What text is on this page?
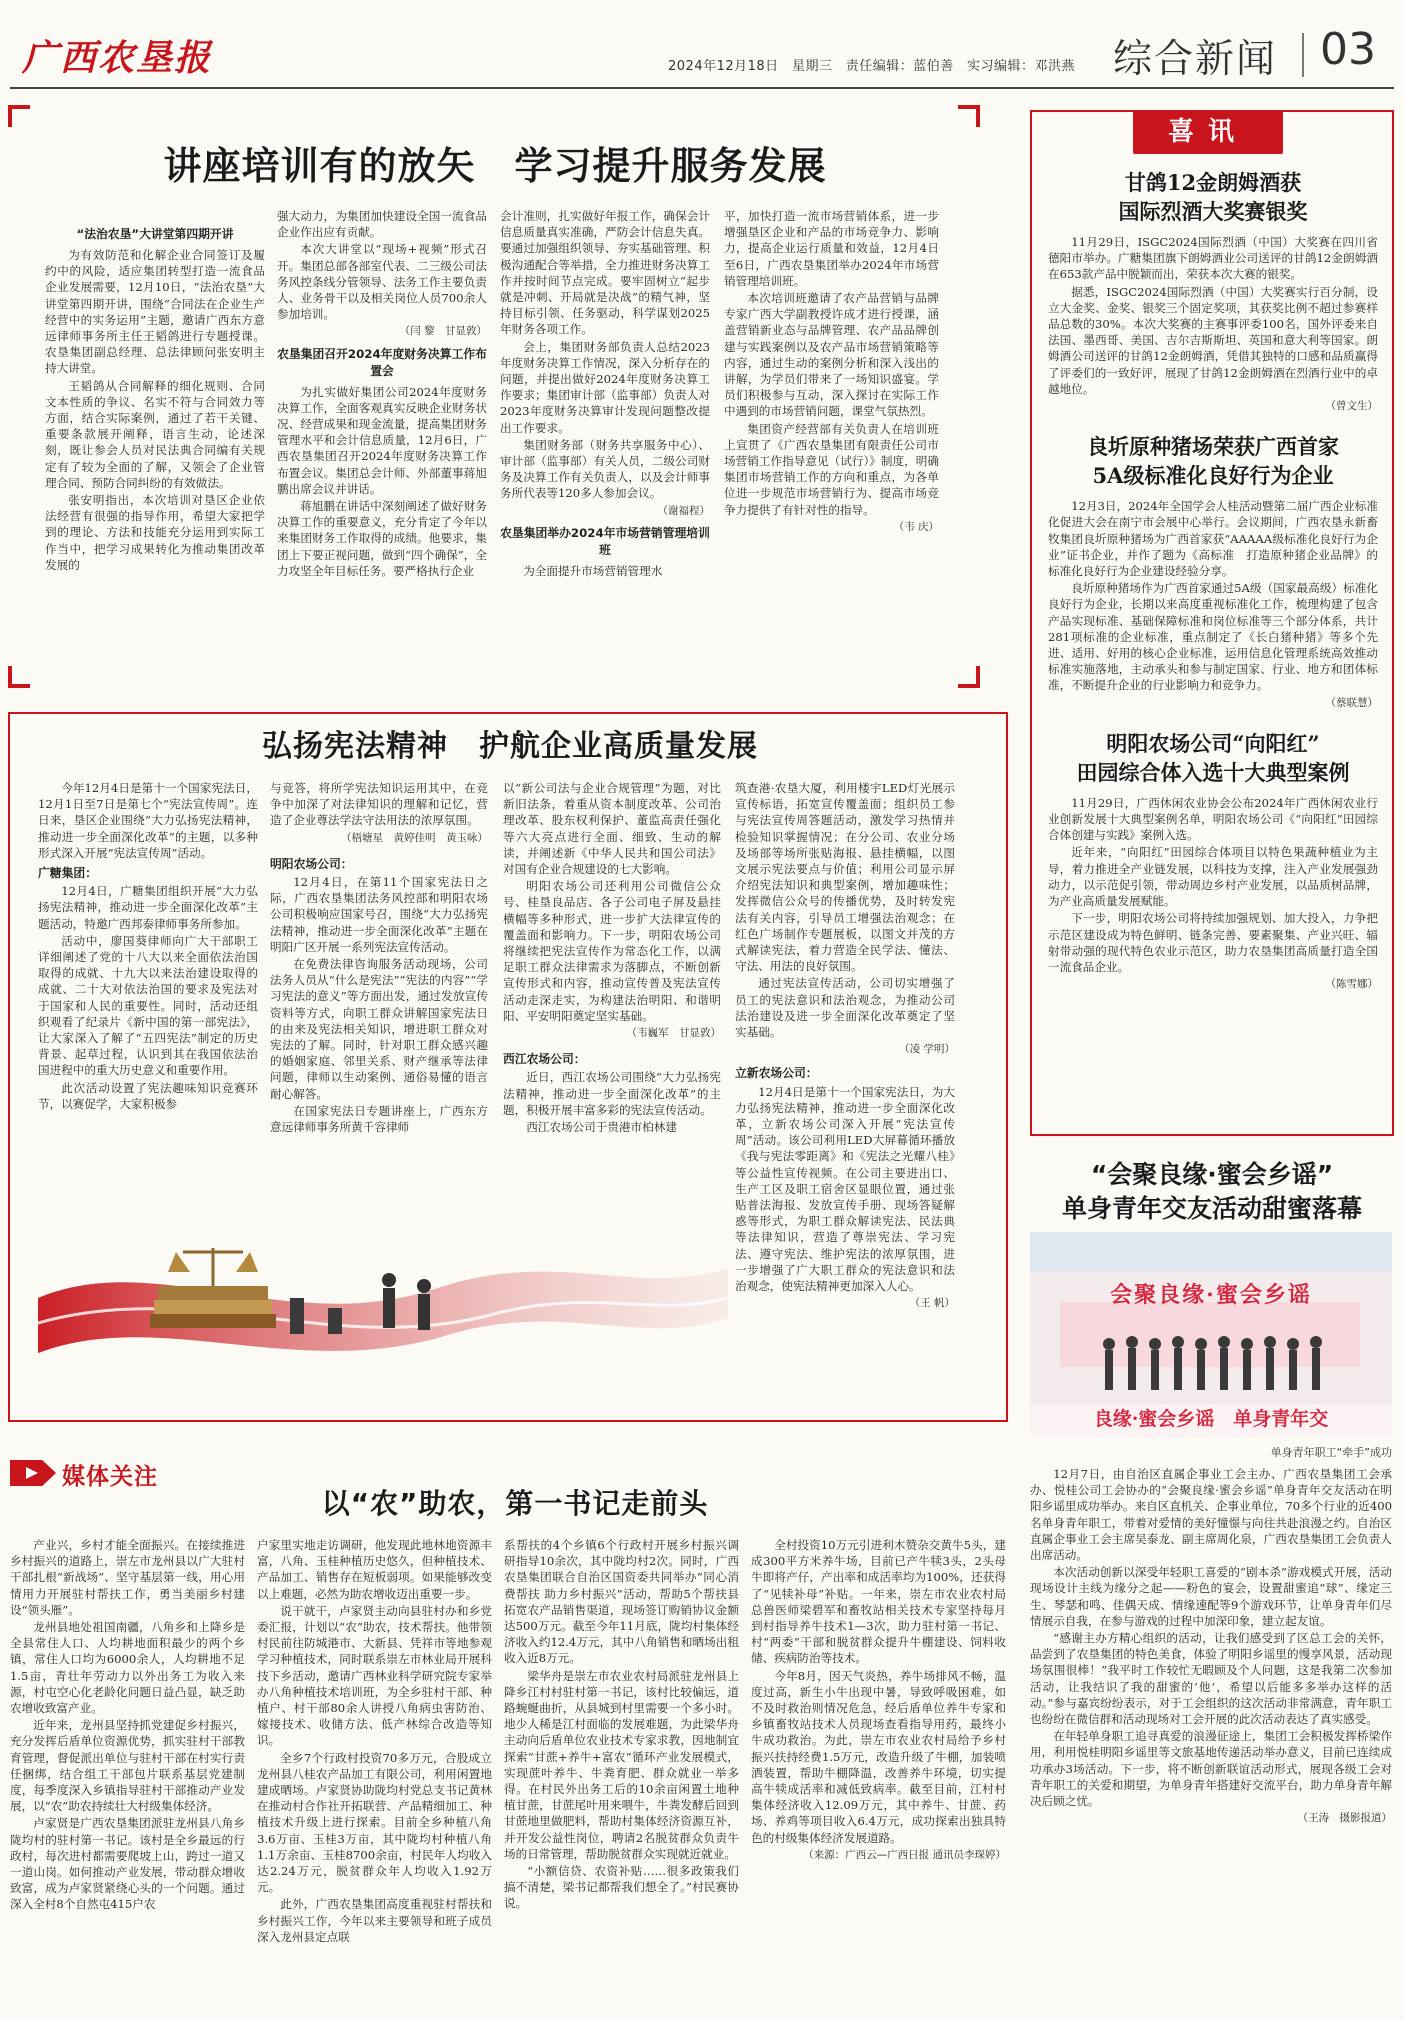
广西农垦报	2024年12月18日 星期三 责任编辑：蓝伯善 实习编辑：邓洪燕 综合新闻 03
讲座培训有的放矢　学习提升服务发展
“法治农垦”大讲堂第四期开讲

为有效防范和化解企业合同签订及履约中的风险，适应集团转型打造一流食品企业发展需要，12月10日，“法治农垦”大讲堂第四期开讲，围绕“合同法在企业生产经营中的实务运用”主题，邀请广西东方意远律师事务所主任王韬鸽进行专题授课。农垦集团副总经理、总法律顾问张安明主持大讲堂。

王韬鸽从合同解释的细化规则、合同文本性质的争议、名实不符与合同效力等方面，结合实际案例，通过了若干关键、重要条款展开阐释，语言生动，论述深刻，既让参会人员对民法典合同编有关规定有了较为全面的了解，又领会了企业管理合同、预防合同纠纷的有效做法。

张安明指出，本次培训对垦区企业依法经营有很强的指导作用，希望大家把学到的理论、方法和技能充分运用到实际工作当中，把学习成果转化为推动集团改革发展的

强大动力，为集团加快建设全国一流食品企业作出应有贡献。

本次大讲堂以“现场+视频”形式召开。集团总部各部室代表、二三级公司法务风控条线分管领导、法务工作主要负责人、业务骨干以及相关岗位人员700余人参加培训。

（闫 黎　甘显敦）
农垦集团召开2024年度财务决算工作布置会

为扎实做好集团公司2024年度财务决算工作，全面客观真实反映企业财务状况、经营成果和现金流量，提高集团财务管理水平和会计信息质量，12月6日，广西农垦集团召开2024年度财务决算工作布置会议。集团总会计师、外部董事蒋旭鹏出席会议并讲话。

蒋旭鹏在讲话中深刻阐述了做好财务决算工作的重要意义，充分肯定了今年以来集团财务工作取得的成绩。他要求，集团上下要正视问题，做到“四个确保”，全力攻坚全年目标任务。要严格执行企业

会计准则，扎实做好年报工作，确保会计信息质量真实准确，严防会计信息失真。要通过加强组织领导、夯实基础管理、积极沟通配合等举措，全力推进财务决算工作并按时间节点完成。要牢固树立“起步就是冲刺、开局就是决战”的精气神，坚持目标引领、任务驱动，科学谋划2025年财务各项工作。

会上，集团财务部负责人总结2023年度财务决算工作情况，深入分析存在的问题，并提出做好2024年度财务决算工作要求；集团审计部（监事部）负责人对2023年度财务决算审计发现问题整改提出工作要求。

集团财务部（财务共享服务中心）、审计部（监事部）有关人员，二级公司财务及决算工作有关负责人，以及会计师事务所代表等120多人参加会议。

（谢福程）
农垦集团举办2024年市场营销管理培训班

为全面提升市场营销管理水

平，加快打造一流市场营销体系，进一步增强垦区企业和产品的市场竞争力、影响力，提高企业运行质量和效益，12月4日至6日，广西农垦集团举办2024年市场营销管理培训班。

本次培训班邀请了农产品营销与品牌专家广西大学副教授许成才进行授课，涵盖营销新业态与品牌管理、农产品品牌创建与实践案例以及农产品市场营销策略等内容，通过生动的案例分析和深入浅出的讲解，为学员们带来了一场知识盛宴。学员们积极参与互动，深入探讨在实际工作中遇到的市场营销问题，课堂气氛热烈。

集团资产经营部有关负责人在培训班上宣贯了《广西农垦集团有限责任公司市场营销工作指导意见（试行）》制度，明确集团市场营销工作的方向和重点，为各单位进一步规范市场营销行为、提高市场竞争力提供了有针对性的指导。

（韦 庆）
喜讯
甘鸽12金朗姆酒获
国际烈酒大奖赛银奖

11月29日，ISGC2024国际烈酒（中国）大奖赛在四川省德阳市举办。广糖集团旗下朗姆酒业公司送评的甘鸽12金朗姆酒在653款产品中脱颖而出，荣获本次大赛的银奖。

据悉，ISGC2024国际烈酒（中国）大奖赛实行百分制，设立大金奖、金奖、银奖三个固定奖项，其获奖比例不超过参赛样品总数的30%。本次大奖赛的主赛事评委100名，国外评委来自法国、墨西哥、美国、吉尔吉斯斯坦、英国和意大利等国家。朗姆酒公司送评的甘鸽12金朗姆酒，凭借其独特的口感和品质赢得了评委们的一致好评，展现了甘鸽12金朗姆酒在烈酒行业中的卓越地位。

（曾文生）
良圻原种猪场荣获广西首家
5A级标准化良好行为企业

12月3日，2024年全国学会人桂活动暨第二届广西企业标准化促进大会在南宁市会展中心举行。会议期间，广西农垦永新畜牧集团良圻原种猪场为广西首家获“AAAAA级标准化良好行为企业”证书企业，并作了题为《高标准　打造原种猪企业品牌》的标准化良好行为企业建设经验分享。

良圻原种猪场作为广西首家通过5A级（国家最高级）标准化良好行为企业，长期以来高度重视标准化工作，梳理构建了包含产品实现标准、基础保障标准和岗位标准等三个部分体系，共计281项标准的企业标准，重点制定了《长白猪种猪》等多个先进、适用、好用的核心企业标准，运用信息化管理系统高效推动标准实施落地，主动承头和参与制定国家、行业、地方和团体标准，不断提升企业的行业影响力和竞争力。

（蔡联慧）
明阳农场公司“向阳红”
田园综合体入选十大典型案例

11月29日，广西休闲农业协会公布2024年广西休闲农业行业创新发展十大典型案例名单，明阳农场公司《“向阳红”田园综合体创建与实践》案例入选。

近年来，“向阳红”田园综合体项目以特色果蔬种植业为主导，着力推进全产业链发展，以科技为支撑，注入产业发展强劲动力，以示范促引领，带动周边乡村产业发展，以品质树品牌，为产业高质量发展赋能。

下一步，明阳农场公司将持续加强规划、加大投入，力争把示范区建设成为特色鲜明、链条完善、要素聚集、产业兴旺、辐射带动强的现代特色农业示范区，助力农垦集团高质量打造全国一流食品企业。

（陈雪娜）
弘扬宪法精神　护航企业高质量发展

今年12月4日是第十一个国家宪法日，12月1日至7日是第七个“宪法宣传周”。连日来，垦区企业围绕“大力弘扬宪法精神，推动进一步全面深化改革”的主题，以多种形式深入开展“宪法宣传周”活动。

广糖集团：

12月4日，广糖集团组织开展“大力弘扬宪法精神，推动进一步全面深化改革”主题活动，特邀广西邦泰律师事务所参加。

活动中，廖国葵律师向广大干部职工详细阐述了党的十八大以来全面依法治国取得的成就、十九大以来法治建设取得的成就、二十大对依法治国的要求及宪法对于国家和人民的重要性。同时，活动还组织观看了纪录片《新中国的第一部宪法》，让大家深入了解了“五四宪法”制定的历史背景、起草过程，认识到其在我国依法治国进程中的重大历史意义和重要作用。

此次活动设置了宪法趣味知识竞赛环节，以赛促学，大家积极参

与竞答，将所学宪法知识运用其中，在竞争中加深了对法律知识的理解和记忆，营造了企业尊法学法守法用法的浓厚氛围。

（梧塘星　黄婷佳明　黄玉咏）
明阳农场公司：

12月4日，在第11个国家宪法日之际，广西农垦集团法务风控部和明阳农场公司积极响应国家号召，围绕“大力弘扬宪法精神，推动进一步全面深化改革”主题在明阳广区开展一系列宪法宣传活动。

在免费法律咨询服务活动现场，公司法务人员从“什么是宪法”“宪法的内容”“学习宪法的意义”等方面出发，通过发放宣传资料等方式，向职工群众讲解国家宪法日的由来及宪法相关知识，增进职工群众对宪法的了解。同时，针对职工群众感兴趣的婚姻家庭、邻里关系、财产继承等法律问题，律师以生动案例、通俗易懂的语言耐心解答。

在国家宪法日专题讲座上，广西东方意远律师事务所黄千容律师

以“新公司法与企业合规管理”为题，对比新旧法条，着重从资本制度改革、公司治理改革、股东权利保护、董监高责任强化等六大亮点进行全面、细致、生动的解读，并阐述新《中华人民共和国公司法》对国有企业合规建设的七大影响。

明阳农场公司还利用公司微信公众号、桂垦良品店、各子公司电子屏及悬挂横幅等多种形式，进一步扩大法律宣传的覆盖面和影响力。下一步，明阳农场公司将继续把宪法宣传作为常态化工作，以满足职工群众法律需求为落脚点，不断创新宣传形式和内容，推动宣传普及宪法宣传活动走深走实，为构建法治明阳、和谐明阳、平安明阳奠定坚实基础。

（韦巍军　甘显敦）
西江农场公司：

近日，西江农场公司围绕“大力弘扬宪法精神，推动进一步全面深化改革”的主题，积极开展丰富多彩的宪法宣传活动。

西江农场公司于贵港市柏林建

筑查港·农垦大厦，利用楼宇LED灯光展示宣传标语，拓宽宣传覆盖面；组织员工参与宪法宣传周答题活动，激发学习热情并检验知识掌握情况；在分公司、农业分场及场部等场所张贴海报、悬挂横幅，以图文展示宪法要点与价值；利用公司显示屏介绍宪法知识和典型案例，增加趣味性；发挥微信公众号的传播优势，及时转发宪法有关内容，引导员工增强法治观念；在红色广场制作专题展板，以图文并茂的方式解读宪法，着力营造全民学法、懂法、守法、用法的良好氛围。

通过宪法宣传活动，公司切实增强了员工的宪法意识和法治观念，为推动公司法治建设及进一步全面深化改革奠定了坚实基础。

（凌 学明）
立新农场公司：

12月4日是第十一个国家宪法日，为大力弘扬宪法精神，推动进一步全面深化改革，立新农场公司深入开展“宪法宣传周”活动。该公司利用LED大屏幕循环播放《我与宪法零距离》和《宪法之光耀八桂》等公益性宣传视频。在公司主要进出口、生产工区及职工宿舍区显眼位置，通过张贴普法海报、发放宣传手册、现场答疑解惑等形式，为职工群众解读宪法、民法典等法律知识，营造了尊崇宪法、学习宪法、遵守宪法、维护宪法的浓厚氛围，进一步增强了广大职工群众的宪法意识和法治观念，使宪法精神更加深入人心。

（王 帆）
“会聚良缘·蜜会乡谣”
单身青年交友活动甜蜜落幕
会聚良缘·蜜会乡谣
良缘·蜜会乡谣　单身青年交
单身青年职工“牵手”成功

12月7日，由自治区直属企事业工会主办、广西农垦集团工会承办、悦桂公司工会协办的“会聚良缘·蜜会乡谣”单身青年交友活动在明阳乡谣里成功举办。来自区直机关、企事业单位，70多个行业的近400名单身青年职工，带着对爱情的美好憧憬与向往共赴浪漫之约。自治区直属企事业工会主席吴泰龙、副主席周化泉，广西农垦集团工会负责人出席活动。

本次活动创新以深受年轻职工喜爱的“剧本杀”游戏模式开展，活动现场设计主线为缘分之起——粉色的宴会，设置甜蜜追“球”、缘定三生、琴瑟和鸣、佳偶天成、情缘速配等9个游戏环节，让单身青年们尽情展示自我，在参与游戏的过程中加深印象，建立起友谊。

“感谢主办方精心组织的活动，让我们感受到了区总工会的关怀，品尝到了农垦集团的特色美食，体验了明阳乡谣里的慢享风景，活动现场氛围很棒！”我平时工作较忙无暇顾及个人问题，这是我第二次参加活动，让我结识了我的甜蜜的‘他’，希望以后能多多举办这样的活动。”参与嘉宾纷纷表示，对于工会组织的这次活动非常满意，青年职工也纷纷在微信群和活动现场对工会开展的此次活动表达了真实感受。

在年轻单身职工追寻真爱的浪漫征途上，集团工会积极发挥桥梁作用，利用悦桂明阳乡谣里等文旅基地传递活动举办意义，目前已连续成功承办3场活动。下一步，将不断创新联谊活动形式，展现各级工会对青年职工的关爱和期望，为单身青年搭建好交流平台，助力单身青年解决后顾之忧。

（王涛　摄影报道）
媒体关注
以“农”助农，第一书记走前头

产业兴，乡村才能全面振兴。在接续推进乡村振兴的道路上，崇左市龙州县以广大驻村干部扎根“新战场”、坚守基层第一线，用心用情用力开展驻村帮扶工作，勇当美丽乡村建设“领头雁”。

龙州县地处祖国南疆，八角乡和上降乡是全县常住人口、人均耕地面积最少的两个乡镇，常住人口均为6000余人，人均耕地不足1.5亩，青壮年劳动力以外出务工为收入来源，村屯空心化老龄化问题日益凸显，缺乏助农增收致富产业。

近年来，龙州县坚持抓党建促乡村振兴，充分发挥后盾单位资源优势，抓实驻村干部教育管理，督促派出单位与驻村干部在村实行责任捆绑，结合组工干部包片联系基层党建制度，每季度深入乡镇指导驻村干部推动产业发展，以“农”助农持续壮大村级集体经济。

卢家贤是广西农垦集团派驻龙州县八角乡陇均村的驻村第一书记。该村是全乡最远的行政村，每次进村都需要爬坡上山，跨过一道又一道山岗。如何推动产业发展，带动群众增收致富，成为卢家贤紧绕心头的一个问题。通过深入全村8个自然屯415户农

户家里实地走访调研，他发现此地林地资源丰富，八角、玉桂种植历史悠久，但种植技术、产品加工、销售存在短板弱项。如果能够改变以上难题，必然为助农增收迈出重要一步。

说干就干，卢家贤主动向县驻村办和乡党委汇报，计划以“农”助农，技术帮扶。他带领村民前往防城港市、大新县、凭祥市等地参观学习种植技术，同时联系崇左市林业局开展科技下乡活动，邀请广西林业科学研究院专家举办八角种植技术培训班，为全乡驻村干部、种植户、村干部80余人讲授八角病虫害防治、嫁接技术、收储方法、低产林综合改造等知识。

全乡7个行政村投资70多万元，合股成立龙州县八桂农产品加工有限公司，利用闲置地建成晒场。卢家贤协助陇均村党总支书记黄林在推动村合作社开拓联营、产品精细加工、种植技术升级上进行探索。目前全乡种植八角3.6万亩、玉桂3万亩，其中陇均村种植八角1.1万余亩、玉桂8700余亩，村民年人均收入达2.24万元，脱贫群众年人均收入1.92万元。

此外，广西农垦集团高度重视驻村帮扶和乡村振兴工作，今年以来主要领导和班子成员深入龙州县定点联

系帮扶的4个乡镇6个行政村开展乡村振兴调研指导10余次，其中陇均村2次。同时，广西农垦集团联合自治区国资委共同举办“同心消费帮扶 助力乡村振兴”活动，帮助5个帮扶县拓宽农产品销售渠道，现场签订购销协议金额达500万元。截至今年11月底，陇均村集体经济收入约12.4万元，其中八角销售和晒场出租收入近8万元。

梁华舟是崇左市农业农村局派驻龙州县上降乡江村村驻村第一书记，该村比较偏远，道路蜿蜒曲折，从县城到村里需要一个多小时。地少人稀是江村面临的发展难题，为此梁华舟主动向后盾单位农业技术专家求教，因地制宜探索“甘蔗+养牛+富农”循环产业发展模式，实现蔗叶养牛、牛粪育肥、群众就业一举多得。在村民外出务工后的10余亩闲置土地种植甘蔗，甘蔗尾叶用来喂牛，牛粪发酵后回到甘蔗地里做肥料，帮助村集体经济资源互补，并开发公益性岗位，聘请2名脱贫群众负责牛场的日常管理，帮助脱贫群众实现就近就业。

“小额信贷、农资补贴……很多政策我们搞不清楚，梁书记都帮我们想全了。”村民赛协说。

全村投资10万元引进利木赞杂交黄牛5头，建成300平方米养牛场，目前已产牛犊3头，2头母牛即将产仔，产出率和成活率均为100%，还获得了“见犊补母”补贴。一年来，崇左市农业农村局总兽医师梁碧军和畜牧站相关技术专家坚持每月到村指导养牛技术1—3次，助力驻村第一书记、村“两委”干部和脱贫群众提升牛棚建设、饲料收储、疾病防治等技术。

今年8月，因天气炎热，养牛场排风不畅，温度过高，新生小牛出现中暑，导致呼吸困难，如不及时救治则情况危急，经后盾单位养牛专家和乡镇畜牧站技术人员现场查看指导用药，最终小牛成功救治。为此，崇左市农业农村局给予乡村振兴扶持经费1.5万元，改造升级了牛棚，加装喷洒装置，帮助牛棚降温，改善养牛环境，切实提高牛犊成活率和减低致病率。截至目前，江村村集体经济收入12.09万元，其中养牛、甘蔗、药场、养鸡等项目收入6.4万元，成功探索出独具特色的村级集体经济发展道路。

（来源：广西云—广西日报 通讯员李琛婷）
